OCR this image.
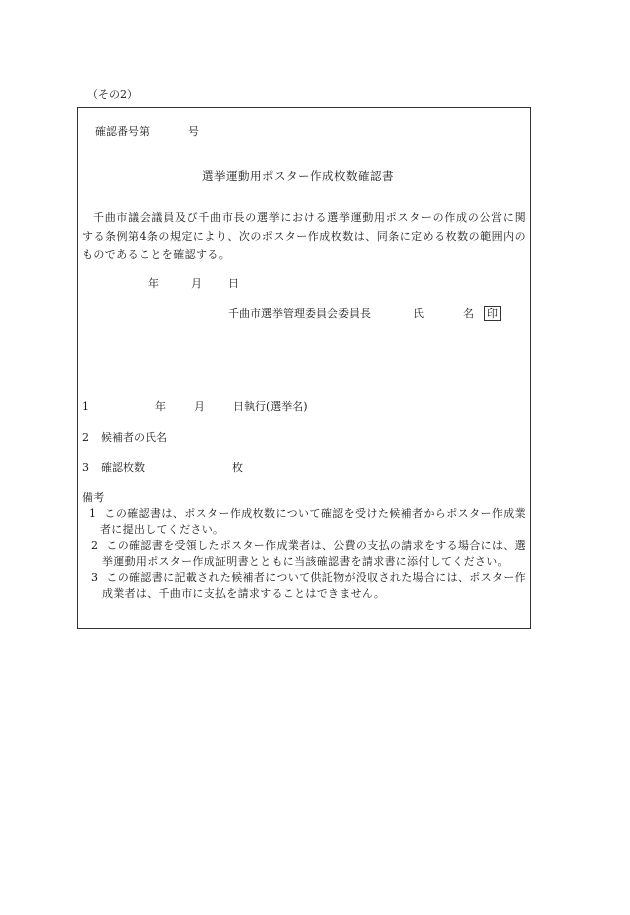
（その2）
確認番号第	号
選挙運動用ポスター作成枚数確認書
千曲市議会議員及び千曲市長の選挙における選挙運動用ポスターの作成の公営に関する条例第4条の規定により、次のポスター作成枚数は、同条に定める枚数の範囲内のものであることを確認する。
年	月 日
千曲市選挙管理委員会委員長	氏	名	印
1	年	月	日執行(選挙名)
2 候補者の氏名
3 確認枚数	枚
備考
1 この確認書は、ポスター作成枚数について確認を受けた候補者からポスター作成業者に提出してください。
2 この確認書を受領したポスター作成業者は、公費の支払の請求をする場合には、選挙運動用ポスター作成証明書とともに当該確認書を請求書に添付してください。
3 この確認書に記載された候補者について供託物が没収された場合には、ポスター作成業者は、千曲市に支払を請求することはできません。
